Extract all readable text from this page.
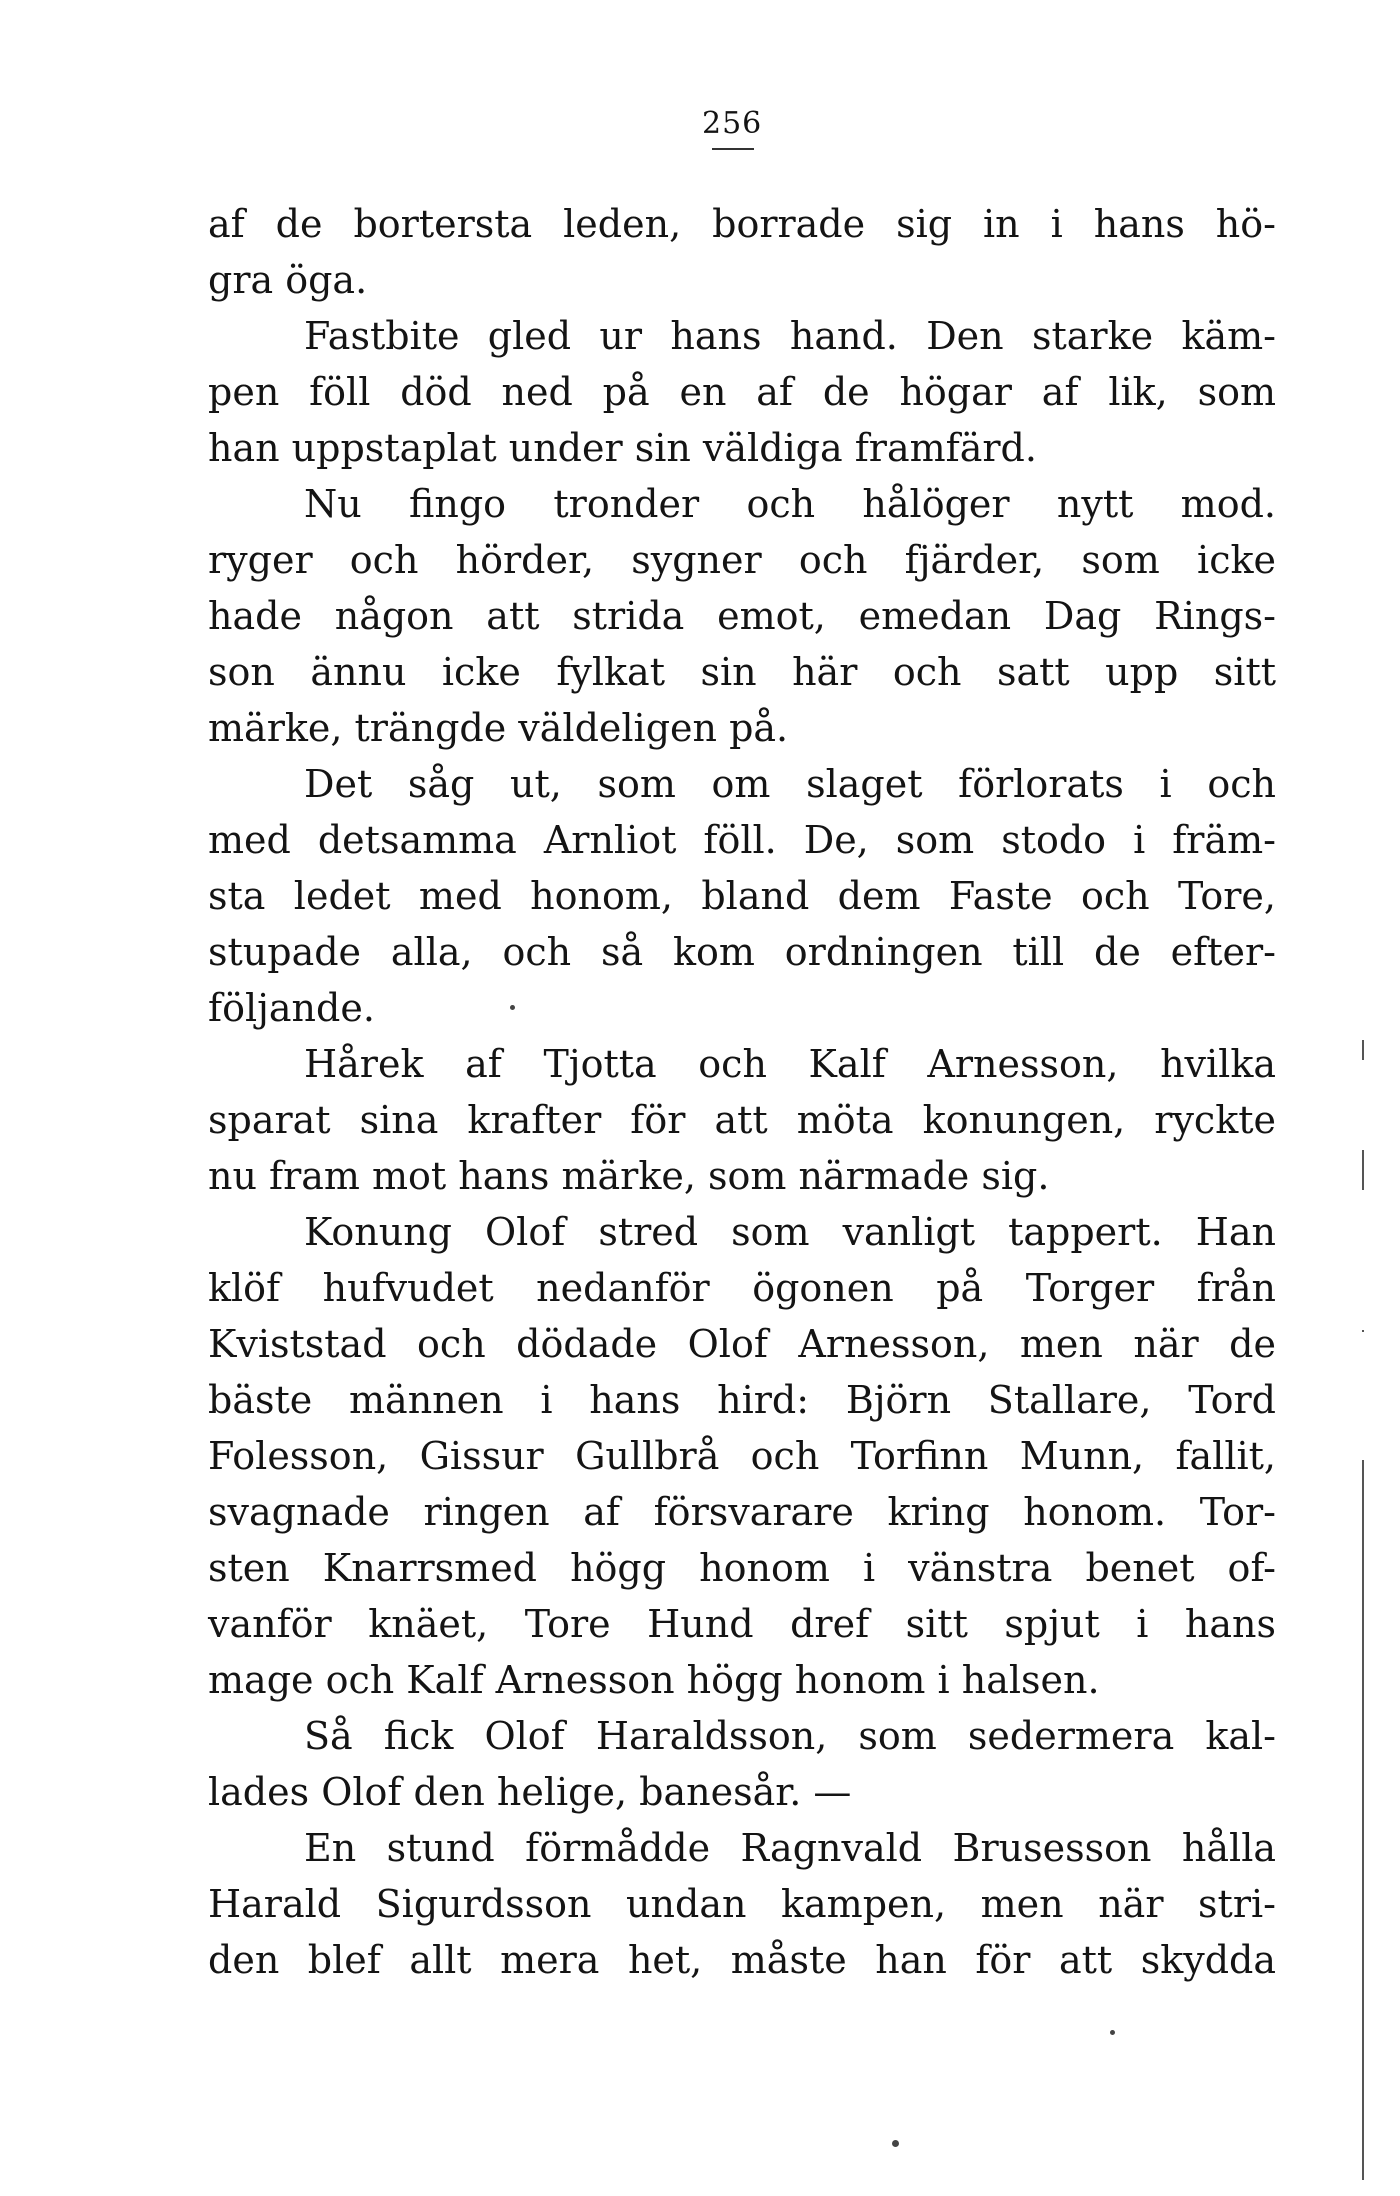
256
af de bortersta leden, borrade sig in i hans hö-
gra öga.
Fastbite gled ur hans hand. Den starke käm-
pen föll död ned på en af de högar af lik, som
han uppstaplat under sin väldiga framfärd.
Nu fingo tronder och hålöger nytt mod.
ryger och hörder, sygner och fjärder, som icke
hade någon att strida emot, emedan Dag Rings-
son ännu icke fylkat sin här och satt upp sitt
märke, trängde väldeligen på.
Det såg ut, som om slaget förlorats i och
med detsamma Arnliot föll. De, som stodo i främ-
sta ledet med honom, bland dem Faste och Tore,
stupade alla, och så kom ordningen till de efter-
följande.
Hårek af Tjotta och Kalf Arnesson, hvilka
sparat sina krafter för att möta konungen, ryckte
nu fram mot hans märke, som närmade sig.
Konung Olof stred som vanligt tappert. Han
klöf hufvudet nedanför ögonen på Torger från
Kviststad och dödade Olof Arnesson, men när de
bäste männen i hans hird: Björn Stallare, Tord
Folesson, Gissur Gullbrå och Torfinn Munn, fallit,
svagnade ringen af försvarare kring honom. Tor-
sten Knarrsmed högg honom i vänstra benet of-
vanför knäet, Tore Hund dref sitt spjut i hans
mage och Kalf Arnesson högg honom i halsen.
Så fick Olof Haraldsson, som sedermera kal-
lades Olof den helige, banesår. —
En stund förmådde Ragnvald Brusesson hålla
Harald Sigurdsson undan kampen, men när stri-
den blef allt mera het, måste han för att skydda
